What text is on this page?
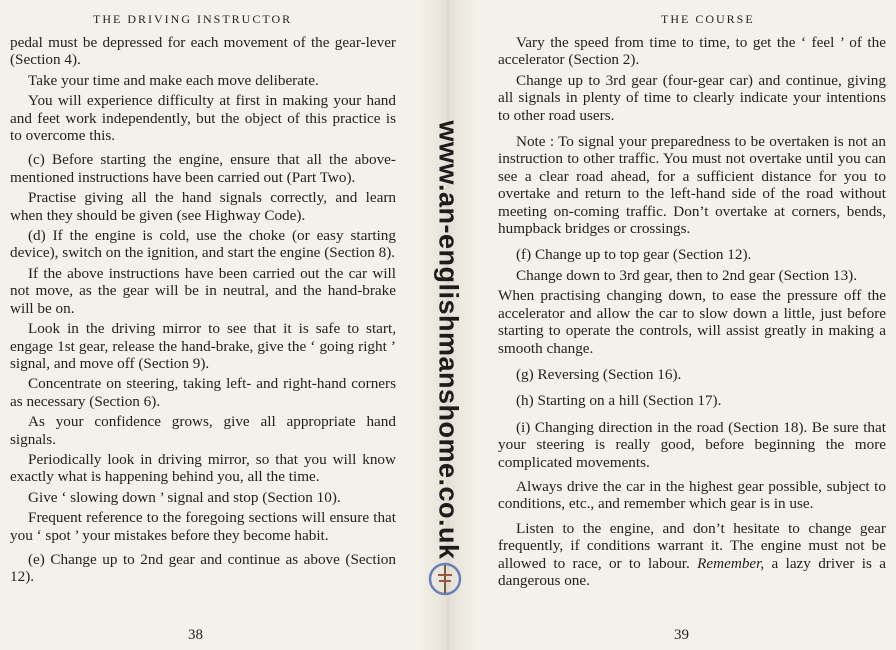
THE DRIVING INSTRUCTOR

pedal must be depressed for each movement of the gear-lever (Section 4).

Take your time and make each move deliberate.

You will experience difficulty at first in making your hand and feet work independently, but the object of this practice is to overcome this.

(c) Before starting the engine, ensure that all the above-mentioned instructions have been carried out (Part Two).

Practise giving all the hand signals correctly, and learn when they should be given (see Highway Code).

(d) If the engine is cold, use the choke (or easy starting device), switch on the ignition, and start the engine (Section 8).

If the above instructions have been carried out the car will not move, as the gear will be in neutral, and the hand-brake will be on.

Look in the driving mirror to see that it is safe to start, engage 1st gear, release the hand-brake, give the ‘ going right ’ signal, and move off (Section 9).

Concentrate on steering, taking left- and right-hand corners as necessary (Section 6).

As your confidence grows, give all appropriate hand signals.

Periodically look in driving mirror, so that you will know exactly what is happening behind you, all the time.

Give ‘ slowing down ’ signal and stop (Section 10).

Frequent reference to the foregoing sections will ensure that you ‘ spot ’ your mistakes before they become habit.

(e) Change up to 2nd gear and continue as above (Section 12).

38
THE COURSE

Vary the speed from time to time, to get the ‘ feel ’ of the accelerator (Section 2).

Change up to 3rd gear (four-gear car) and continue, giving all signals in plenty of time to clearly indicate your intentions to other road users.

Note : To signal your preparedness to be overtaken is not an instruction to other traffic. You must not overtake until you can see a clear road ahead, for a sufficient distance for you to overtake and return to the left-hand side of the road without meeting on-coming traffic. Don’t overtake at corners, bends, humpback bridges or crossings.

(f) Change up to top gear (Section 12).

Change down to 3rd gear, then to 2nd gear (Section 13).

When practising changing down, to ease the pressure off the accelerator and allow the car to slow down a little, just before starting to operate the controls, will assist greatly in making a smooth change.

(g) Reversing (Section 16).

(h) Starting on a hill (Section 17).

(i) Changing direction in the road (Section 18). Be sure that your steering is really good, before beginning the more complicated movements.

Always drive the car in the highest gear possible, subject to conditions, etc., and remember which gear is in use.

Listen to the engine, and don’t hesitate to change gear frequently, if conditions warrant it. The engine must not be allowed to race, or to labour. Remember, a lazy driver is a dangerous one.

39
www.an-englishmanshome.co.uk
